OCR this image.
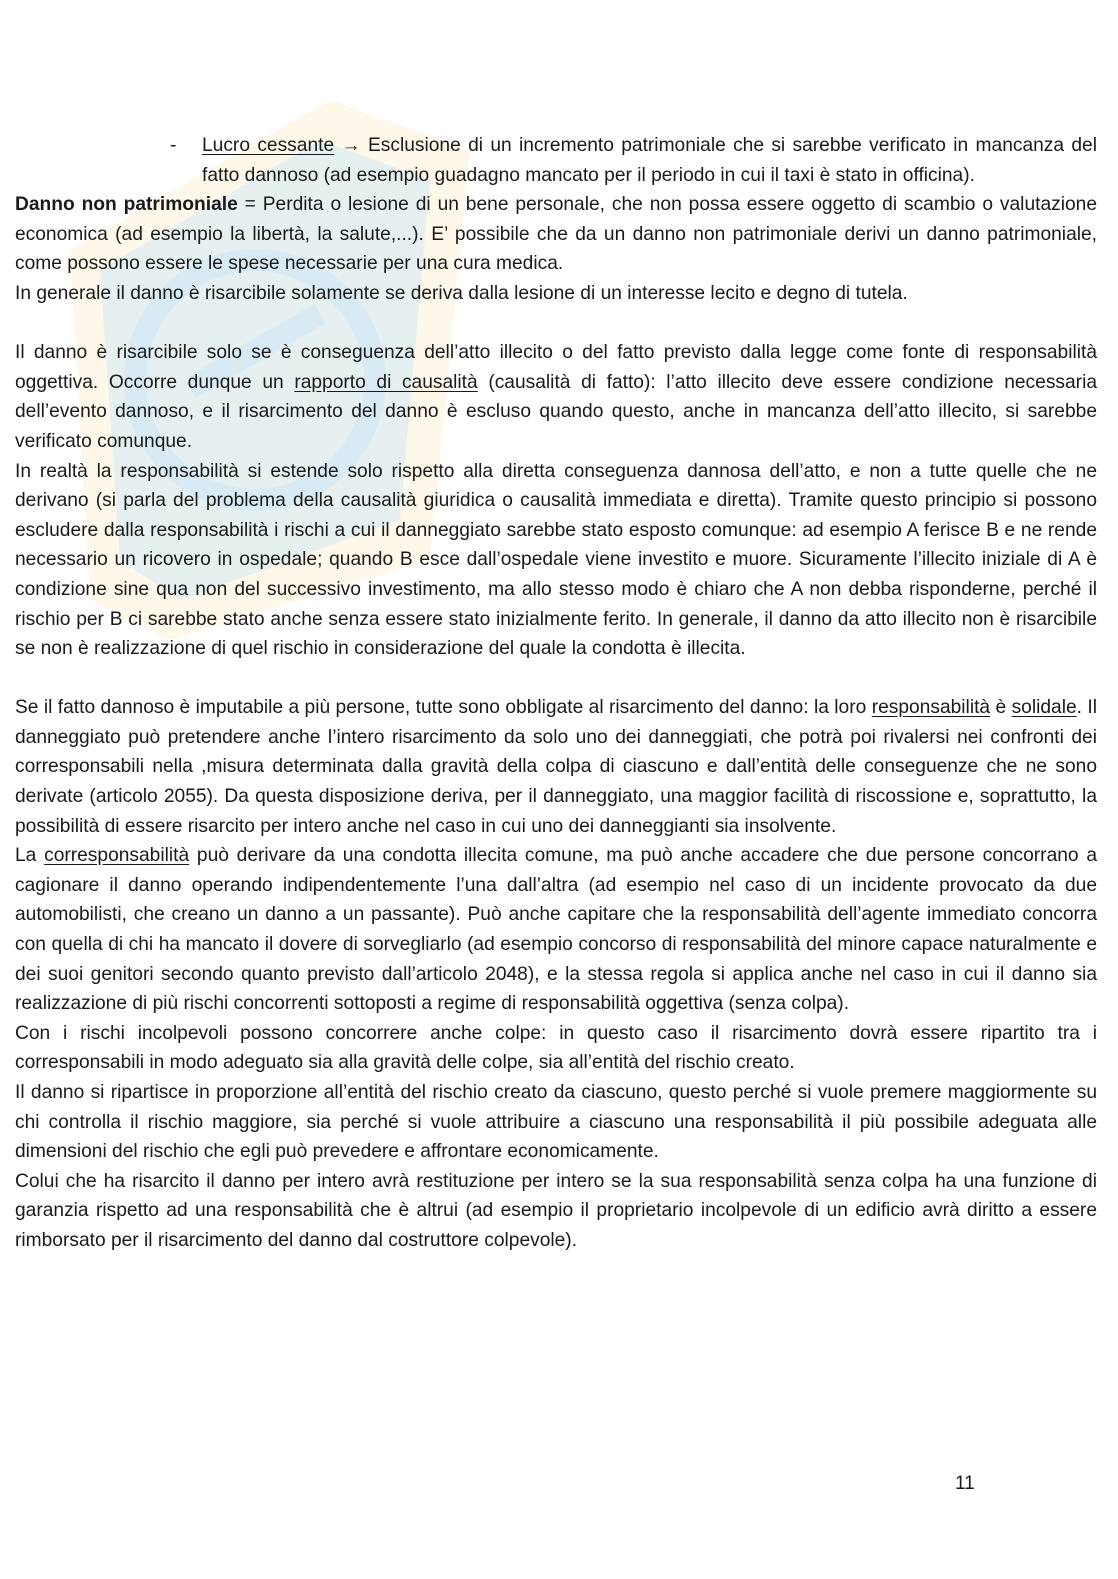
- Lucro cessante → Esclusione di un incremento patrimoniale che si sarebbe verificato in mancanza del fatto dannoso (ad esempio guadagno mancato per il periodo in cui il taxi è stato in officina).

Danno non patrimoniale = Perdita o lesione di un bene personale, che non possa essere oggetto di scambio o valutazione economica (ad esempio la libertà, la salute,...). E’ possibile che da un danno non patrimoniale derivi un danno patrimoniale, come possono essere le spese necessarie per una cura medica.

In generale il danno è risarcibile solamente se deriva dalla lesione di un interesse lecito e degno di tutela.

Il danno è risarcibile solo se è conseguenza dell’atto illecito o del fatto previsto dalla legge come fonte di responsabilità oggettiva. Occorre dunque un rapporto di causalità (causalità di fatto): l’atto illecito deve essere condizione necessaria dell’evento dannoso, e il risarcimento del danno è escluso quando questo, anche in mancanza dell’atto illecito, si sarebbe verificato comunque.

In realtà la responsabilità si estende solo rispetto alla diretta conseguenza dannosa dell’atto, e non a tutte quelle che ne derivano (si parla del problema della causalità giuridica o causalità immediata e diretta). Tramite questo principio si possono escludere dalla responsabilità i rischi a cui il danneggiato sarebbe stato esposto comunque: ad esempio A ferisce B e ne rende necessario un ricovero in ospedale; quando B esce dall’ospedale viene investito e muore. Sicuramente l’illecito iniziale di A è condizione sine qua non del successivo investimento, ma allo stesso modo è chiaro che A non debba risponderne, perché il rischio per B ci sarebbe stato anche senza essere stato inizialmente ferito. In generale, il danno da atto illecito non è risarcibile se non è realizzazione di quel rischio in considerazione del quale la condotta è illecita.

Se il fatto dannoso è imputabile a più persone, tutte sono obbligate al risarcimento del danno: la loro responsabilità è solidale. Il danneggiato può pretendere anche l’intero risarcimento da solo uno dei danneggiati, che potrà poi rivalersi nei confronti dei corresponsabili nella ,misura determinata dalla gravità della colpa di ciascuno e dall’entità delle conseguenze che ne sono derivate (articolo 2055). Da questa disposizione deriva, per il danneggiato, una maggior facilità di riscossione e, soprattutto, la possibilità di essere risarcito per intero anche nel caso in cui uno dei danneggianti sia insolvente.

La corresponsabilità può derivare da una condotta illecita comune, ma può anche accadere che due persone concorrano a cagionare il danno operando indipendentemente l’una dall’altra (ad esempio nel caso di un incidente provocato da due automobilisti, che creano un danno a un passante). Può anche capitare che la responsabilità dell’agente immediato concorra con quella di chi ha mancato il dovere di sorvegliarlo (ad esempio concorso di responsabilità del minore capace naturalmente e dei suoi genitori secondo quanto previsto dall’articolo 2048), e la stessa regola si applica anche nel caso in cui il danno sia realizzazione di più rischi concorrenti sottoposti a regime di responsabilità oggettiva (senza colpa).

Con i rischi incolpevoli possono concorrere anche colpe: in questo caso il risarcimento dovrà essere ripartito tra i corresponsabili in modo adeguato sia alla gravità delle colpe, sia all’entità del rischio creato.

Il danno si ripartisce in proporzione all’entità del rischio creato da ciascuno, questo perché si vuole premere maggiormente su chi controlla il rischio maggiore, sia perché si vuole attribuire a ciascuno una responsabilità il più possibile adeguata alle dimensioni del rischio che egli può prevedere e affrontare economicamente.

Colui che ha risarcito il danno per intero avrà restituzione per intero se la sua responsabilità senza colpa ha una funzione di garanzia rispetto ad una responsabilità che è altrui (ad esempio il proprietario incolpevole di un edificio avrà diritto a essere rimborsato per il risarcimento del danno dal costruttore colpevole).

11
